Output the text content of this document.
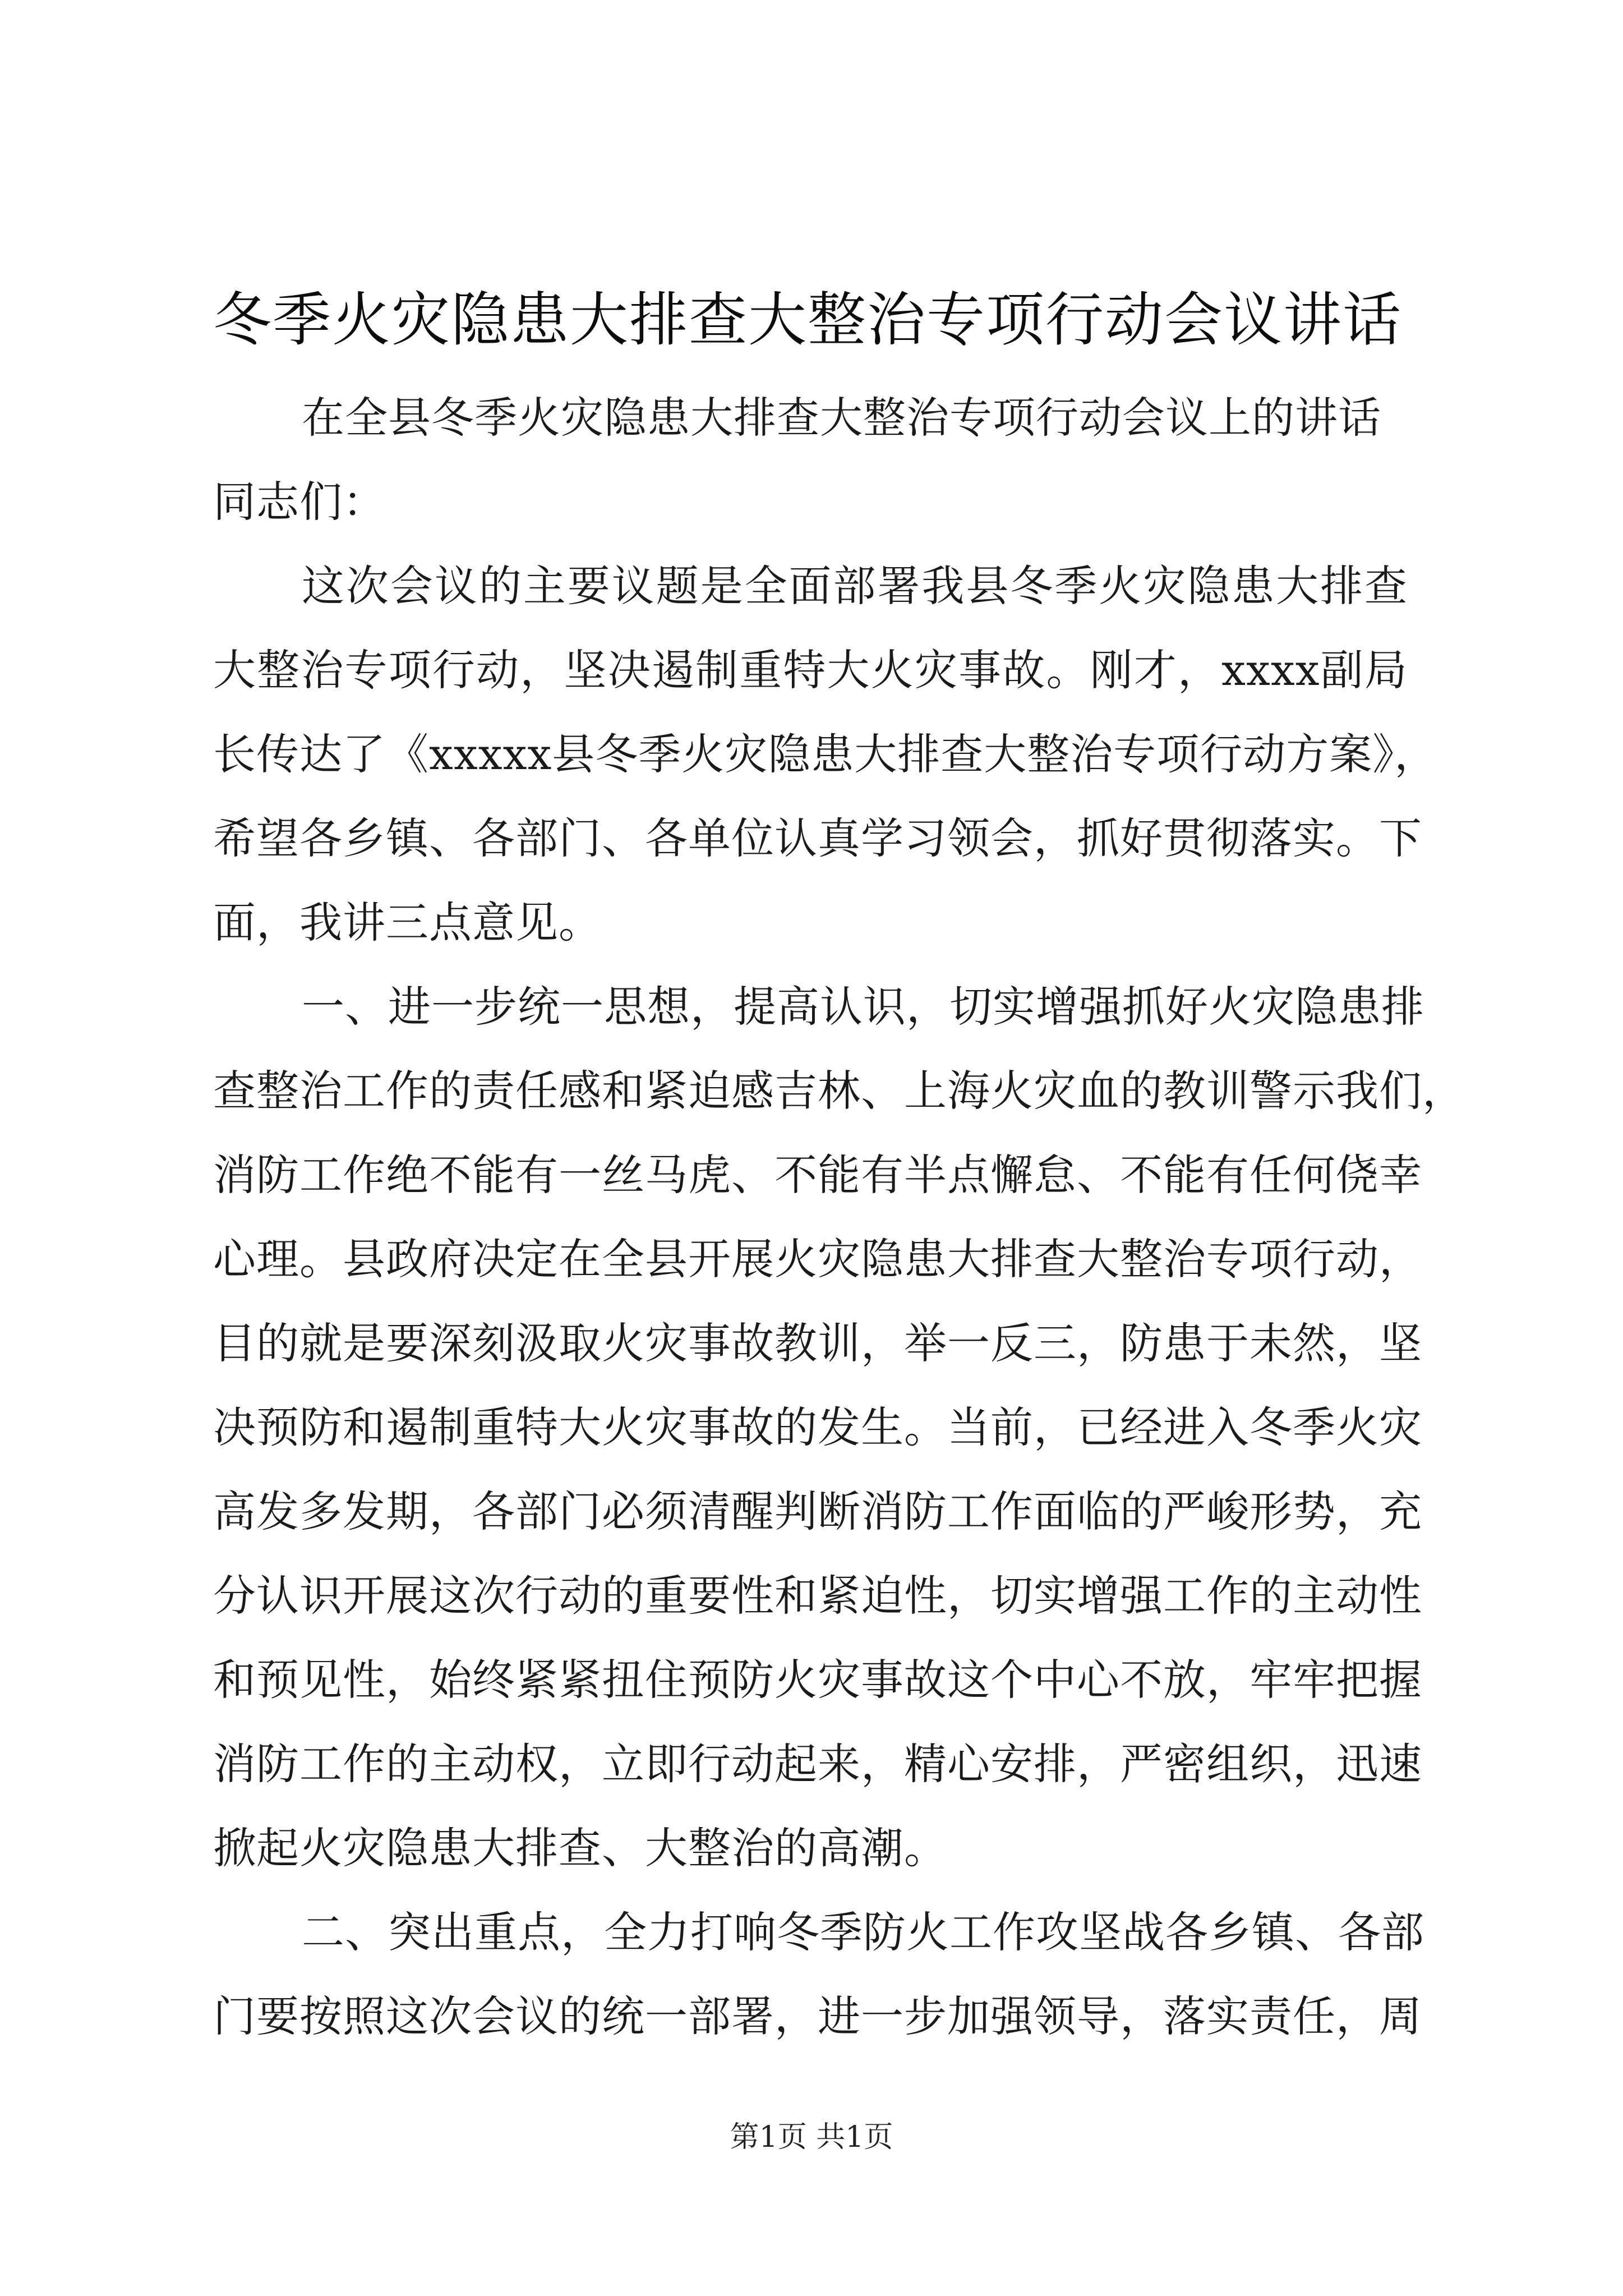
冬季火灾隐患大排查大整治专项行动会议讲话
在全县冬季火灾隐患大排查大整治专项行动会议上的讲话
同志们：
这次会议的主要议题是全面部署我县冬季火灾隐患大排查
大整治专项行动，坚决遏制重特大火灾事故。刚才，xxxx副局
长传达了《xxxxx县冬季火灾隐患大排查大整治专项行动方案》，
希望各乡镇、各部门、各单位认真学习领会，抓好贯彻落实。下
面，我讲三点意见。
一、进一步统一思想，提高认识，切实增强抓好火灾隐患排
查整治工作的责任感和紧迫感吉林、上海火灾血的教训警示我们，
消防工作绝不能有一丝马虎、不能有半点懈怠、不能有任何侥幸
心理。县政府决定在全县开展火灾隐患大排查大整治专项行动，
目的就是要深刻汲取火灾事故教训，举一反三，防患于未然，坚
决预防和遏制重特大火灾事故的发生。当前，已经进入冬季火灾
高发多发期，各部门必须清醒判断消防工作面临的严峻形势，充
分认识开展这次行动的重要性和紧迫性，切实增强工作的主动性
和预见性，始终紧紧扭住预防火灾事故这个中心不放，牢牢把握
消防工作的主动权，立即行动起来，精心安排，严密组织，迅速
掀起火灾隐患大排查、大整治的高潮。
二、突出重点，全力打响冬季防火工作攻坚战各乡镇、各部
门要按照这次会议的统一部署，进一步加强领导，落实责任，周
第1页 共1页
